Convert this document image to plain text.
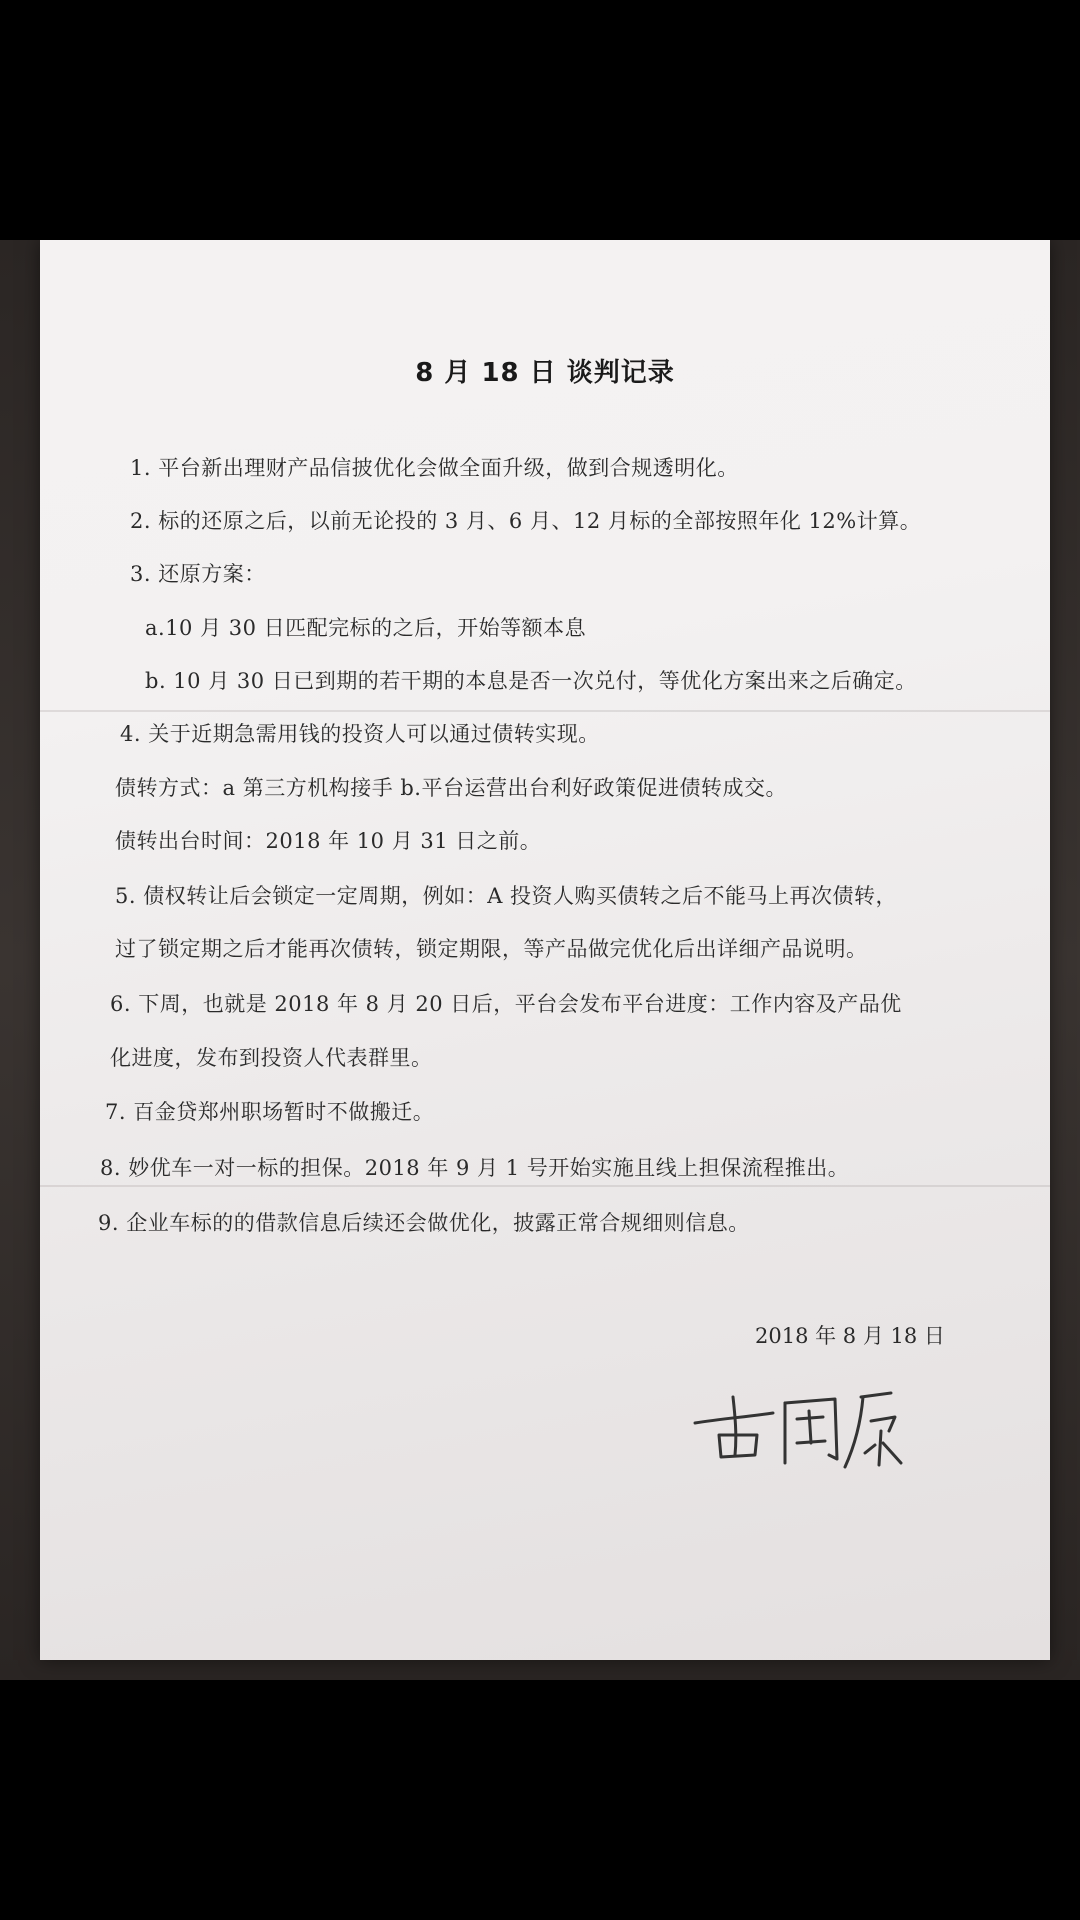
8 月 18 日 谈判记录
1. 平台新出理财产品信披优化会做全面升级，做到合规透明化。
2. 标的还原之后，以前无论投的 3 月、6 月、12 月标的全部按照年化 12%计算。
3. 还原方案：
a.10 月 30 日匹配完标的之后，开始等额本息
b. 10 月 30 日已到期的若干期的本息是否一次兑付，等优化方案出来之后确定。
4. 关于近期急需用钱的投资人可以通过债转实现。
债转方式：a 第三方机构接手 b.平台运营出台利好政策促进债转成交。
债转出台时间：2018 年 10 月 31 日之前。
5. 债权转让后会锁定一定周期，例如：A 投资人购买债转之后不能马上再次债转，
过了锁定期之后才能再次债转，锁定期限，等产品做完优化后出详细产品说明。
6. 下周，也就是 2018 年 8 月 20 日后，平台会发布平台进度：工作内容及产品优
化进度，发布到投资人代表群里。
7. 百金贷郑州职场暂时不做搬迁。
8. 妙优车一对一标的担保。2018 年 9 月 1 号开始实施且线上担保流程推出。
9. 企业车标的的借款信息后续还会做优化，披露正常合规细则信息。
2018 年 8 月 18 日
